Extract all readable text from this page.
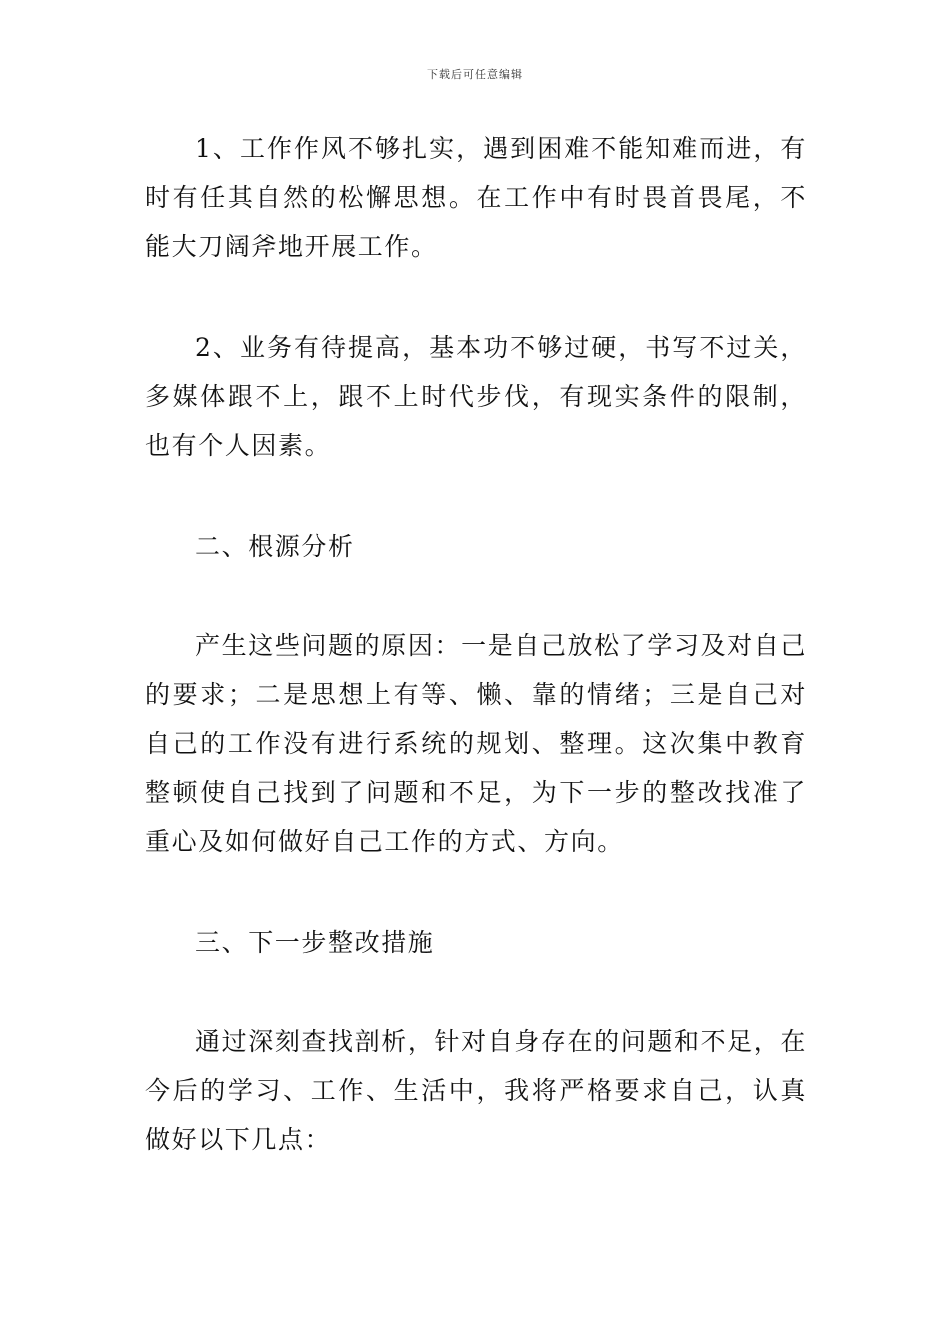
下载后可任意编辑

1、工作作风不够扎实，遇到困难不能知难而进，有时有任其自然的松懈思想。在工作中有时畏首畏尾，不能大刀阔斧地开展工作。

2、业务有待提高，基本功不够过硬，书写不过关，多媒体跟不上，跟不上时代步伐，有现实条件的限制，也有个人因素。

二、根源分析

产生这些问题的原因：一是自己放松了学习及对自己的要求；二是思想上有等、懒、靠的情绪；三是自己对自己的工作没有进行系统的规划、整理。这次集中教育整顿使自己找到了问题和不足，为下一步的整改找准了重心及如何做好自己工作的方式、方向。

三、下一步整改措施

通过深刻查找剖析，针对自身存在的问题和不足，在今后的学习、工作、生活中，我将严格要求自己，认真做好以下几点：
